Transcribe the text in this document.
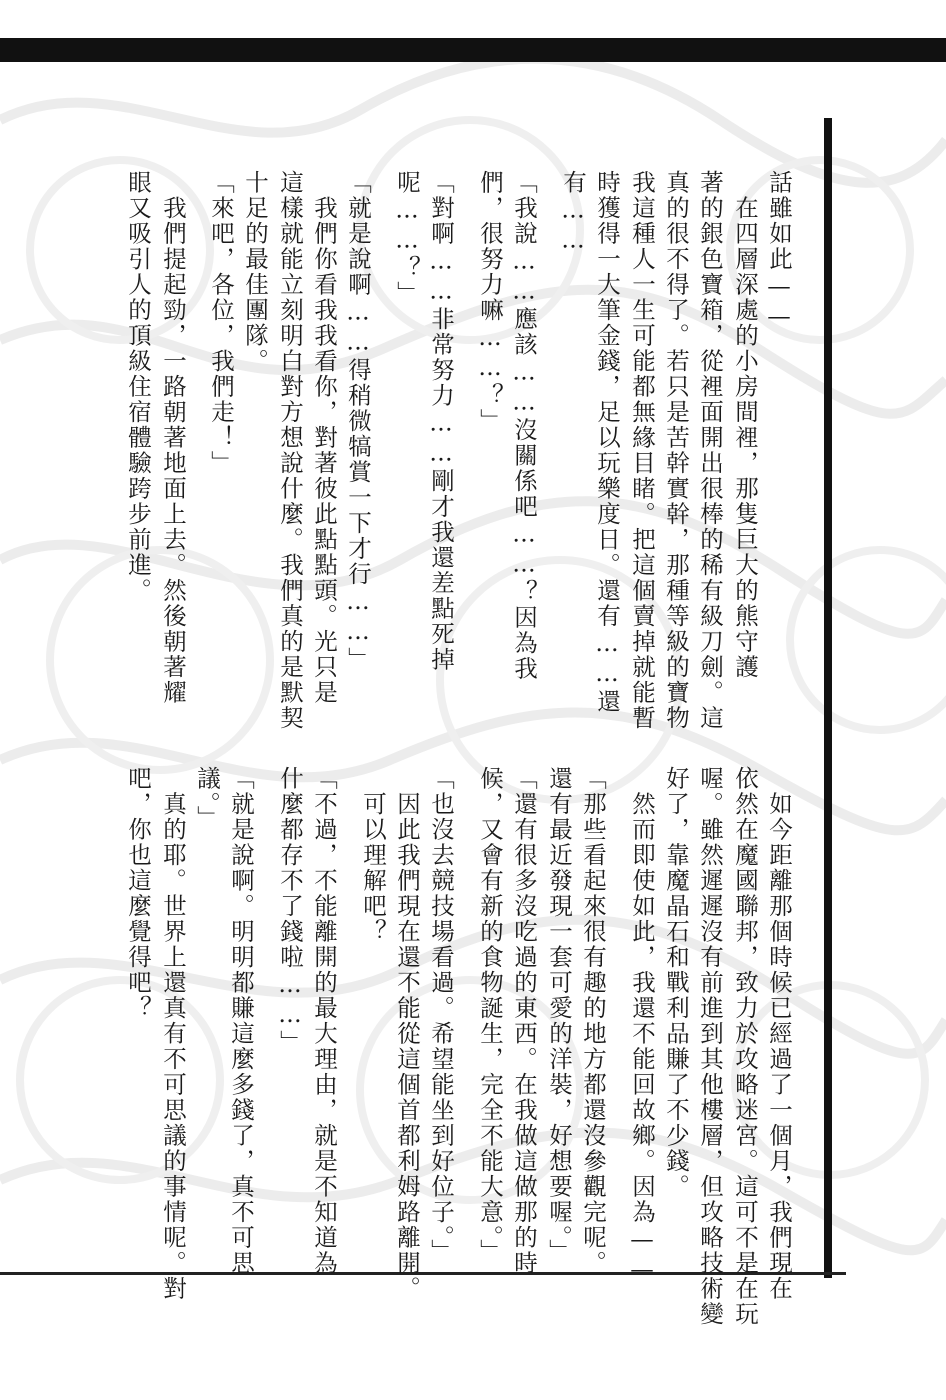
話雖如此——
　在四層深處的小房間裡，那隻巨大的熊守護
著的銀色寶箱，從裡面開出很棒的稀有級刀劍。這
真的很不得了。若只是苦幹實幹，那種等級的寶物
我這種人一生可能都無緣目睹。把這個賣掉就能暫
時獲得一大筆金錢，足以玩樂度日。還有……還
有……
「我說……應該……沒關係吧……？因為我
們，很努力嘛……？」
「對啊……非常努力……剛才我還差點死掉
呢……？」
「就是說啊……得稍微犒賞一下才行……」
　我們你看我我看你，對著彼此點點頭。光只是
這樣就能立刻明白對方想說什麼。我們真的是默契
十足的最佳團隊。
「來吧，各位，我們走！」
　我們提起勁，一路朝著地面上去。然後朝著耀
眼又吸引人的頂級住宿體驗跨步前進。
　如今距離那個時候已經過了一個月，我們現在
依然在魔國聯邦，致力於攻略迷宮。這可不是在玩
喔。雖然遲遲沒有前進到其他樓層，但攻略技術變
好了，靠魔晶石和戰利品賺了不少錢。
　然而即使如此，我還不能回故鄉。因為——
「那些看起來很有趣的地方都還沒參觀完呢。
還有最近發現一套可愛的洋裝，好想要喔。」
「還有很多沒吃過的東西。在我做這做那的時
候，又會有新的食物誕生，完全不能大意。」
「也沒去競技場看過。希望能坐到好位子。」
　因此我們現在還不能從這個首都利姆路離開。
　可以理解吧？
「不過，不能離開的最大理由，就是不知道為
什麼都存不了錢啦……」
「就是說啊。明明都賺這麼多錢了，真不可思
議。」
　真的耶。世界上還真有不可思議的事情呢。對
吧，你也這麼覺得吧？
